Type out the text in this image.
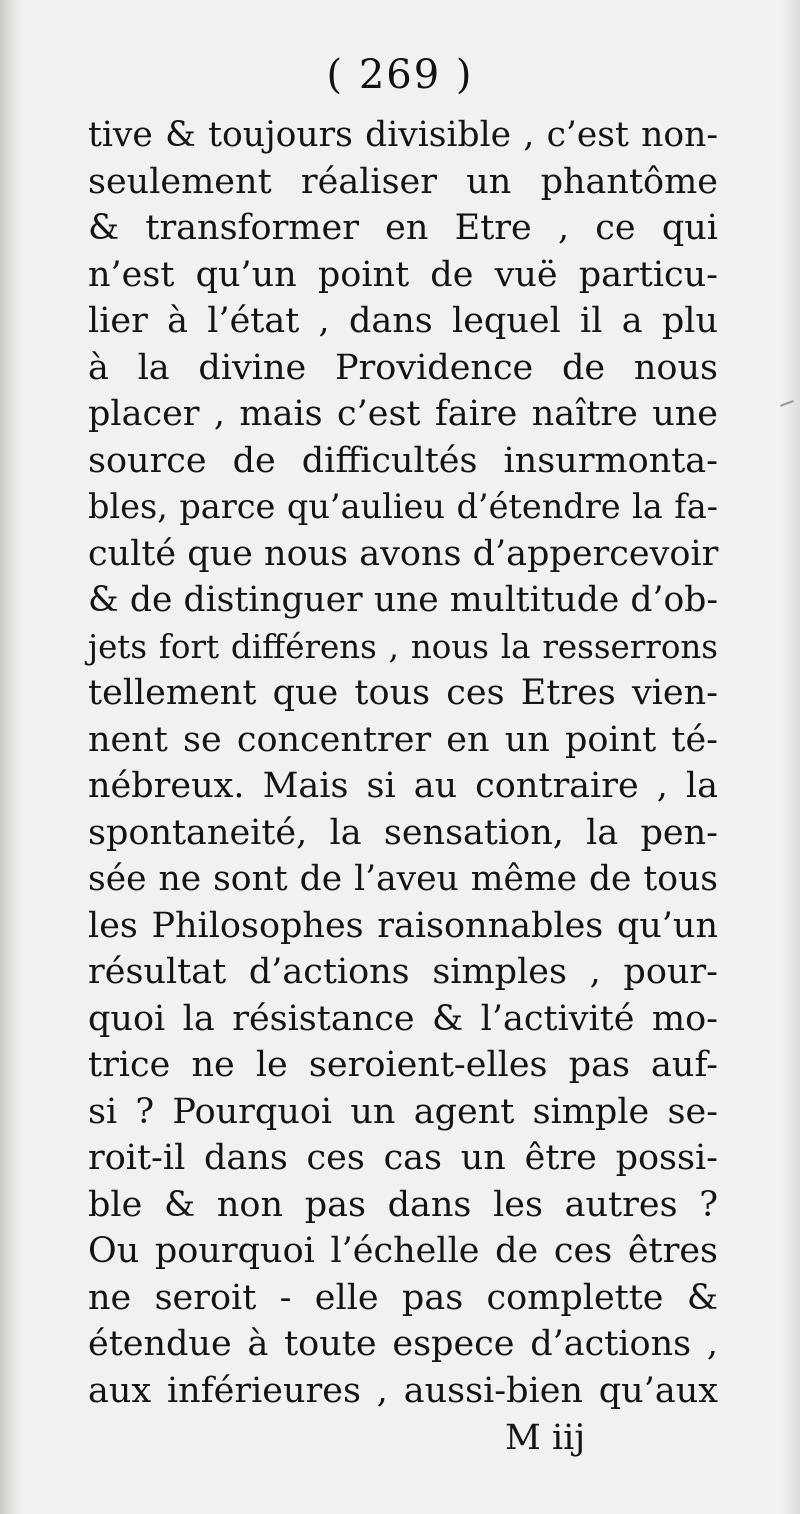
( 269 )
tive & toujours divisible , c’est non-
seulement réaliser un phantôme
& transformer en Etre , ce qui
n’est qu’un point de vuë particu-
lier à l’état , dans lequel il a plu
à la divine Providence de nous
placer , mais c’est faire naître une
source de difficultés insurmonta-
bles, parce qu’aulieu d’étendre la fa-
culté que nous avons d’appercevoir
& de distinguer une multitude d’ob-
jets fort différens , nous la resserrons
tellement que tous ces Etres vien-
nent se concentrer en un point té-
nébreux. Mais si au contraire , la
spontaneité, la sensation, la pen-
sée ne sont de l’aveu même de tous
les Philosophes raisonnables qu’un
résultat d’actions simples , pour-
quoi la résistance & l’activité mo-
trice ne le seroient-elles pas auf-
si ? Pourquoi un agent simple se-
roit-il dans ces cas un être possi-
ble & non pas dans les autres ?
Ou pourquoi l’échelle de ces êtres
ne seroit - elle pas complette &
étendue à toute espece d’actions ,
aux inférieures , aussi-bien qu’aux
M iij
